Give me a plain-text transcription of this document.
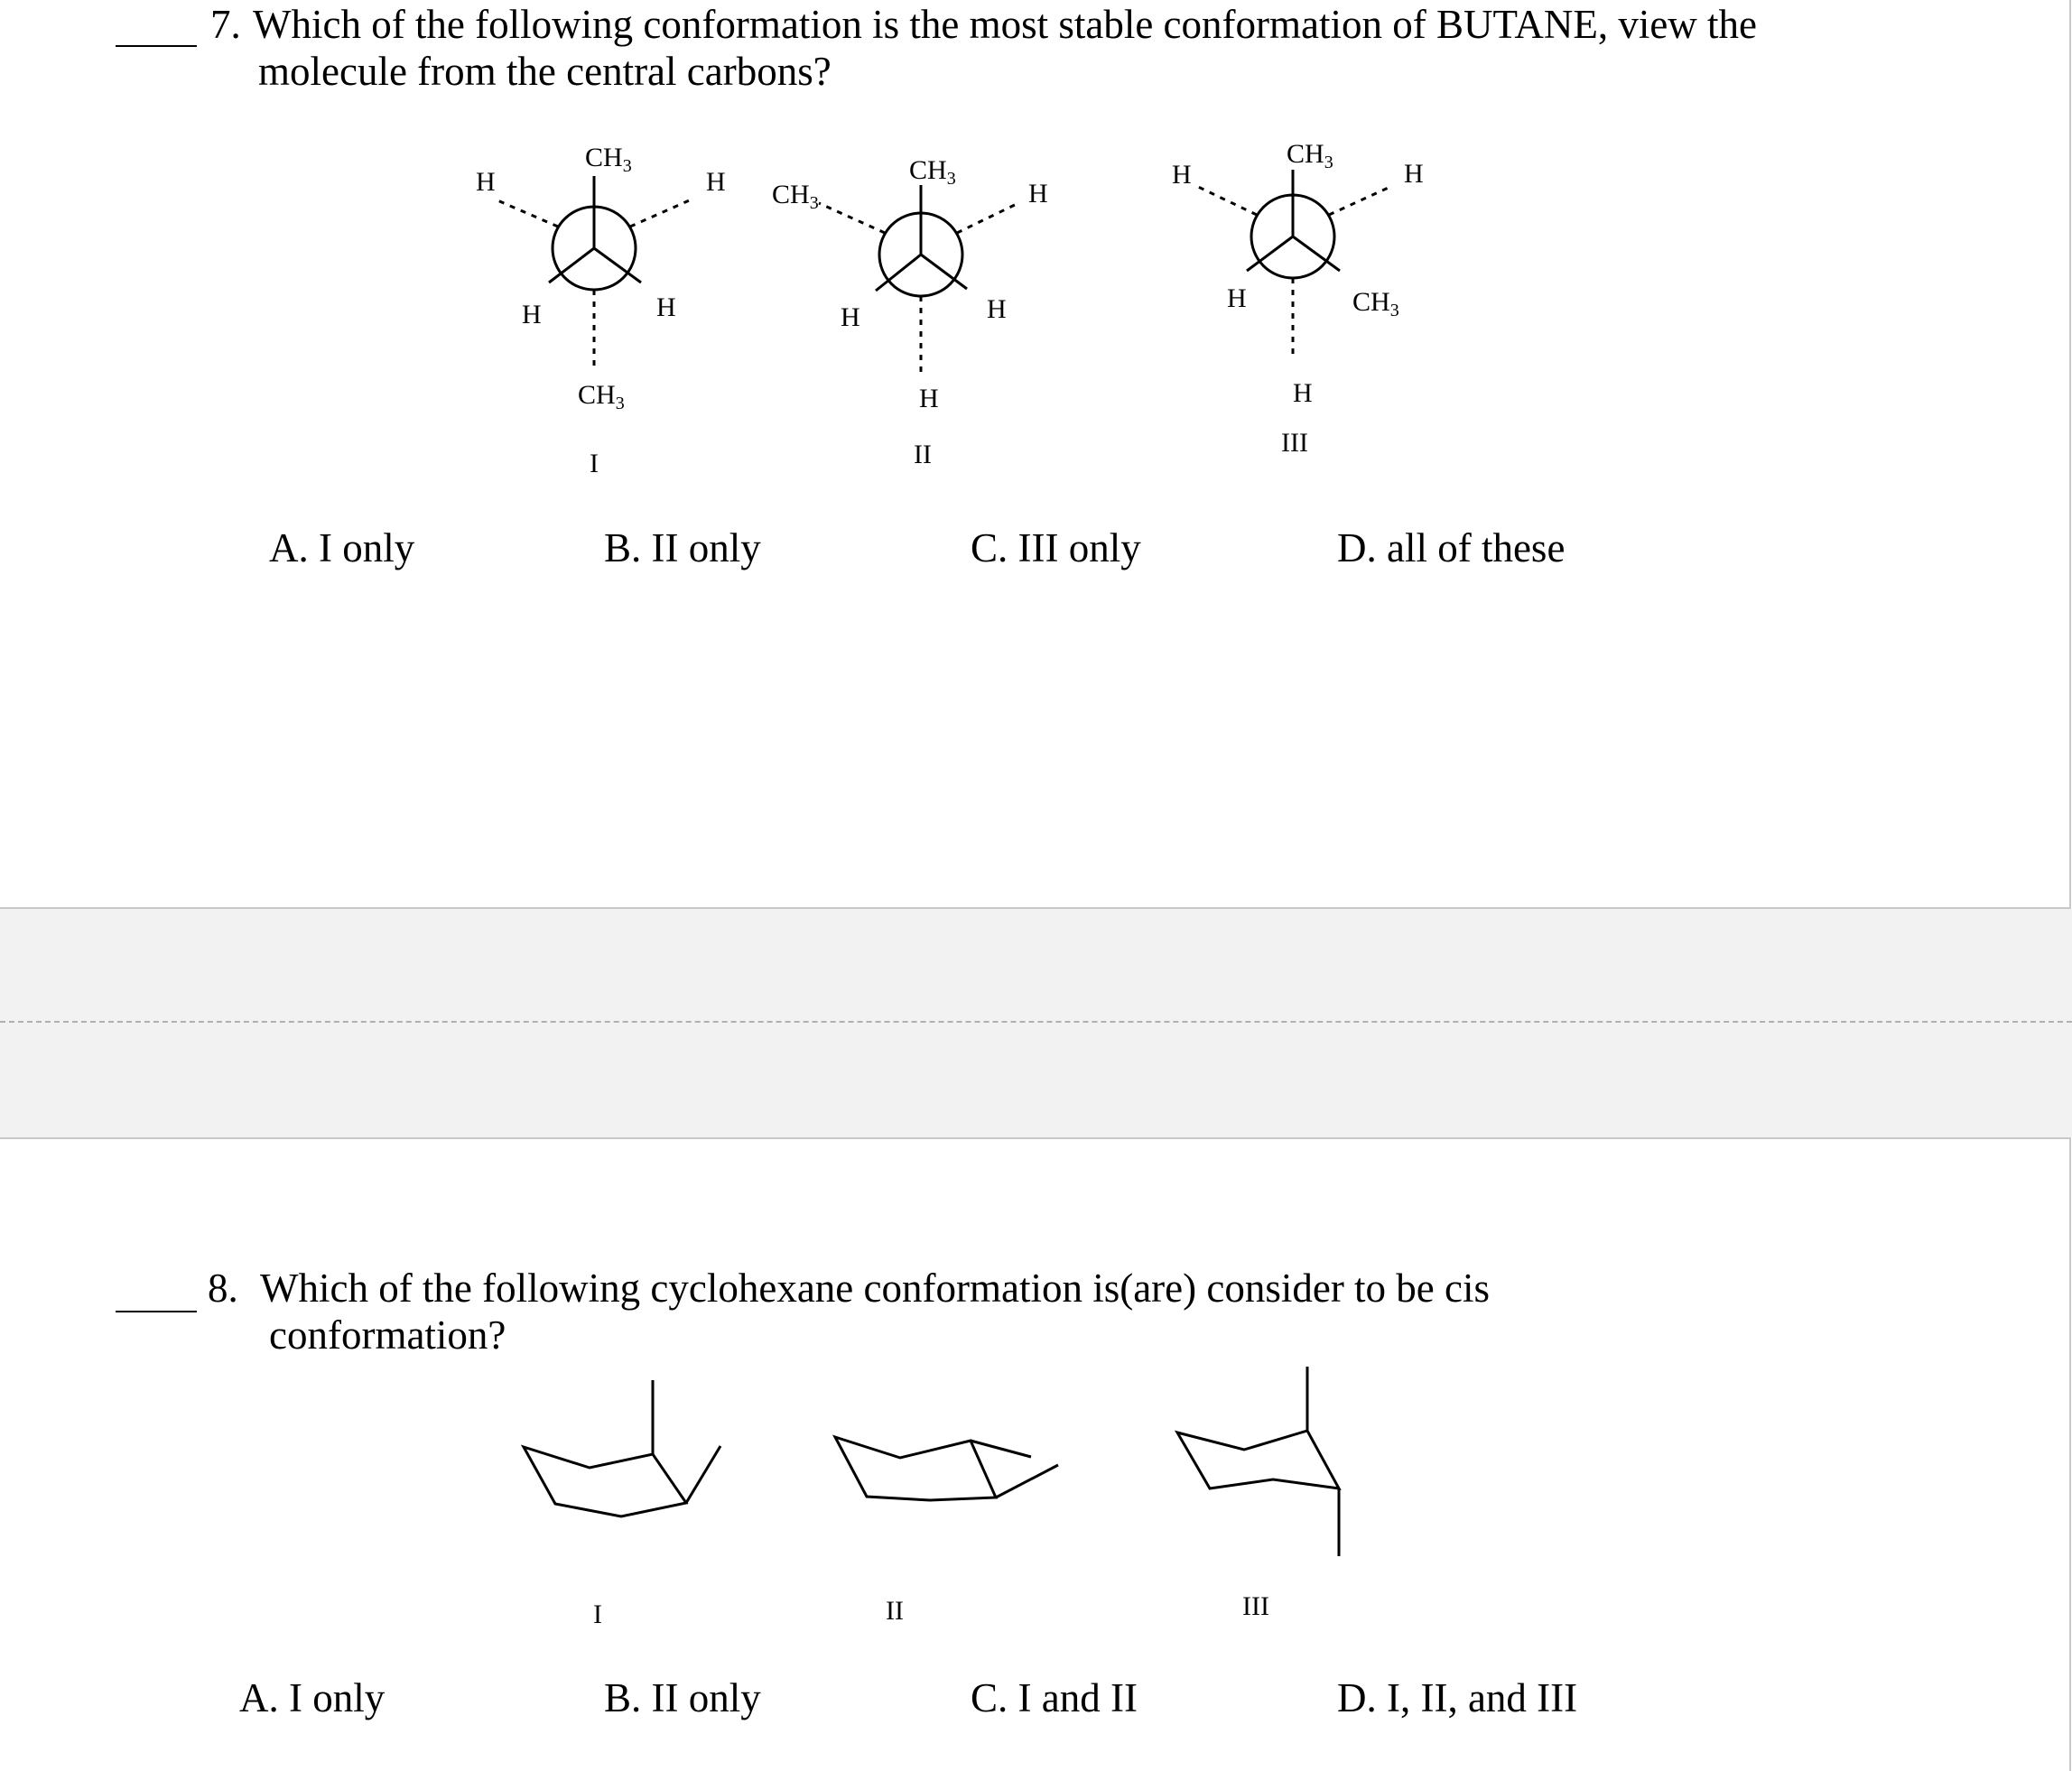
7. Which of the following conformation is the most stable conformation of BUTANE, view the
molecule from the central carbons?
$CH_3$
H	H
H	H
$CH_3$
I
$CH_3$
$CH_3$	H
H	H
H
II
$CH_3$
H	H
H	$CH_3$
H
III
A. I only	B. II only	C. III only	D. all of these
8. Which of the following cyclohexane conformation is(are) consider to be cis
conformation?
I	II	III
A. I only	B. II only	C. I and II	D. I, II, and III
